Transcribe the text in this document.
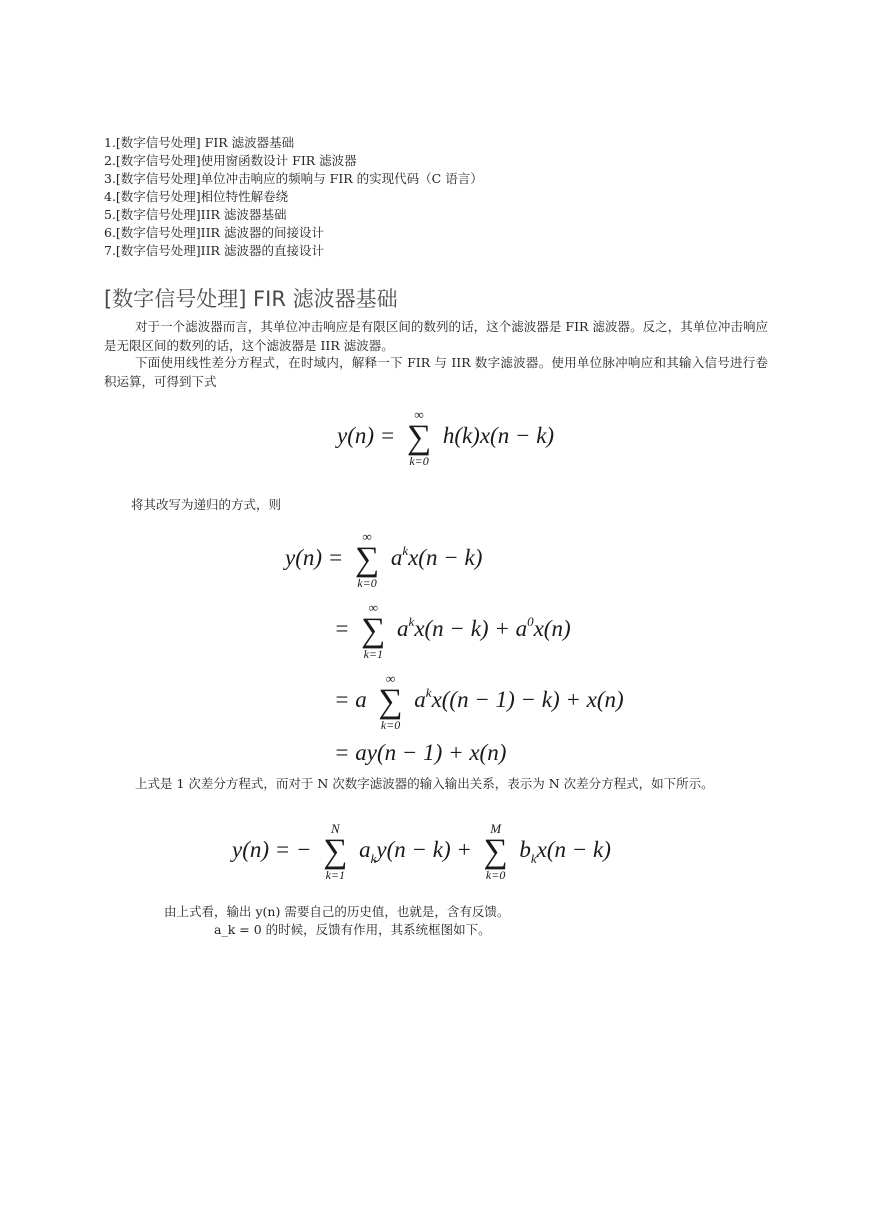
1.[数字信号处理] FIR 滤波器基础
2.[数字信号处理]使用窗函数设计 FIR 滤波器
3.[数字信号处理]单位冲击响应的频响与 FIR 的实现代码（C 语言）
4.[数字信号处理]相位特性解卷绕
5.[数字信号处理]IIR 滤波器基础
6.[数字信号处理]IIR 滤波器的间接设计
7.[数字信号处理]IIR 滤波器的直接设计
[数字信号处理] FIR 滤波器基础

对于一个滤波器而言，其单位冲击响应是有限区间的数列的话，这个滤波器是 FIR 滤波器。反之，其单位冲击响应是无限区间的数列的话，这个滤波器是 IIR 滤波器。

下面使用线性差分方程式，在时域内，解释一下 FIR 与 IIR 数字滤波器。使用单位脉冲响应和其输入信号进行卷积运算，可得到下式

y(n) =
∞
∑
k=0
h(k)x(n − k)

将其改写为递归的方式，则

y(n) =
∞
∑
k=0
$a^kx(n - k)$
=
∞
∑
k=1
$a^kx(n - k) + a^0x(n)$
= a
∞
∑
k=0
$a^kx((n - 1) - k) + x(n)$
= ay(n − 1) + x(n)

上式是 1 次差分方程式，而对于 N 次数字滤波器的输入输出关系，表示为 N 次差分方程式，如下所示。

y(n) = −
N
∑
k=1
$a_ky(n - k)$ +
M
∑
k=0
$b_kx(n - k)$

由上式看，输出 y(n) 需要自己的历史值，也就是，含有反馈。

a_k = 0 的时候，反馈有作用，其系统框图如下。
